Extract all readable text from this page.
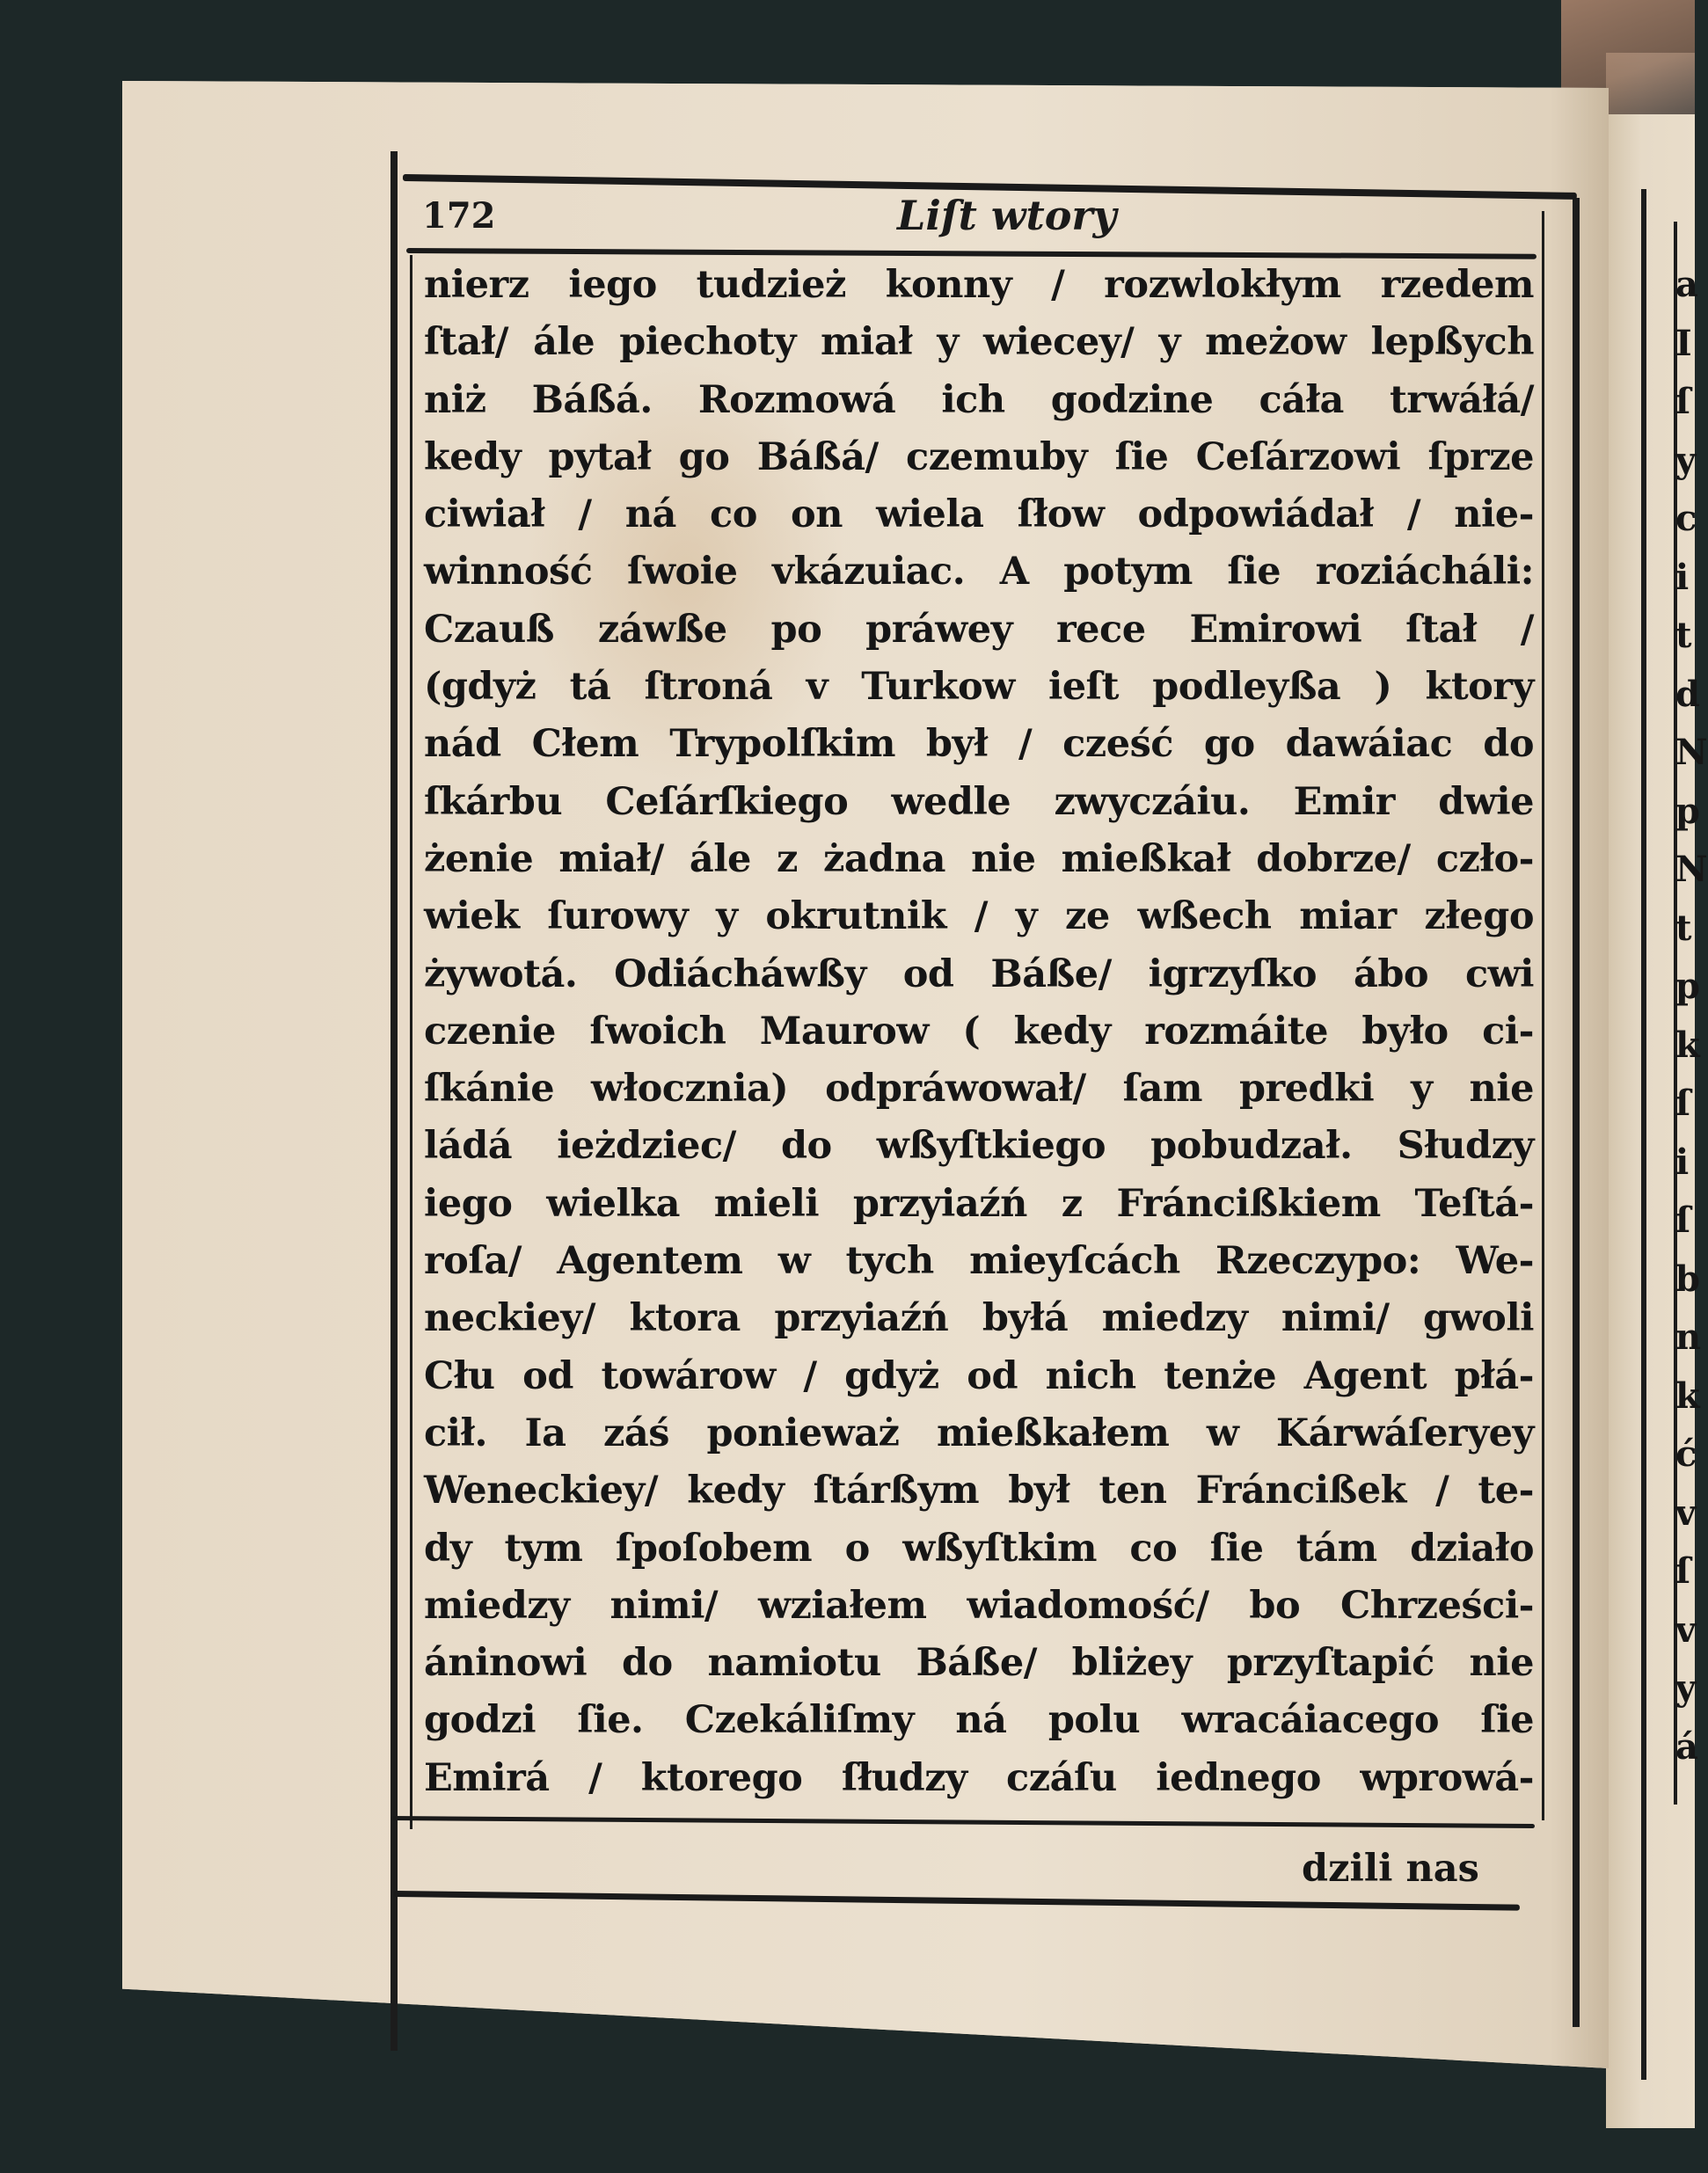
172	Liſt wtory
nierz iego tudzież konny / rozwlokłym rzedem
ſtał/ ále piechoty miał y wiecey/ y meżow lepßych
niż Báßá. Rozmowá ich godzine cáła trwáłá/
kedy pytał go Báßá/ czemuby ſie Ceſárzowi ſprze
ciwiał / ná co on wiela ſłow odpowiádał / nie-
winność ſwoie vkázuiac. A potym ſie roziácháli:
Czauß záwße po práwey rece Emirowi ſtał /
(gdyż tá ſtroná v Turkow ieſt podleyßa ) ktory
nád Cłem Trypolſkim był / cześć go dawáiac do
ſkárbu Ceſárſkiego wedle zwyczáiu. Emir dwie
żenie miał/ ále z żadna nie mießkał dobrze/ czło-
wiek ſurowy y okrutnik / y ze wßech miar złego
żywotá. Odiácháwßy od Báße/ igrzyſko ábo cwi
czenie ſwoich Maurow ( kedy rozmáite było ci-
ſkánie włocznia) odpráwował/ ſam predki y nie
ládá ieżdziec/ do wßyſtkiego pobudzał. Słudzy
iego wielka mieli przyiaźń z Fráncißkiem Teſtá-
roſa/ Agentem w tych mieyſcách Rzeczypo: We-
neckiey/ ktora przyiaźń byłá miedzy nimi/ gwoli
Cłu od towárow / gdyż od nich tenże Agent płá-
cił. Ia záś ponieważ mießkałem w Kárwáſeryey
Weneckiey/ kedy ſtárßym był ten Fráncißek / te-
dy tym ſpoſobem o wßyſtkim co ſie tám działo
miedzy nimi/ wziałem wiadomość/ bo Chrześci-
áninowi do namiotu Báße/ bliżey przyſtapić nie
godzi ſie. Czekáliſmy ná polu wracáiacego ſie
Emirá / ktorego ſłudzy czáſu iednego wprowá-
dzili nas
a
I
ſ
y
c
i
t
d
N
p
N
t
p
k
ſ
i
ſ
b
n
k
ć
v
ſ
v
y
á
